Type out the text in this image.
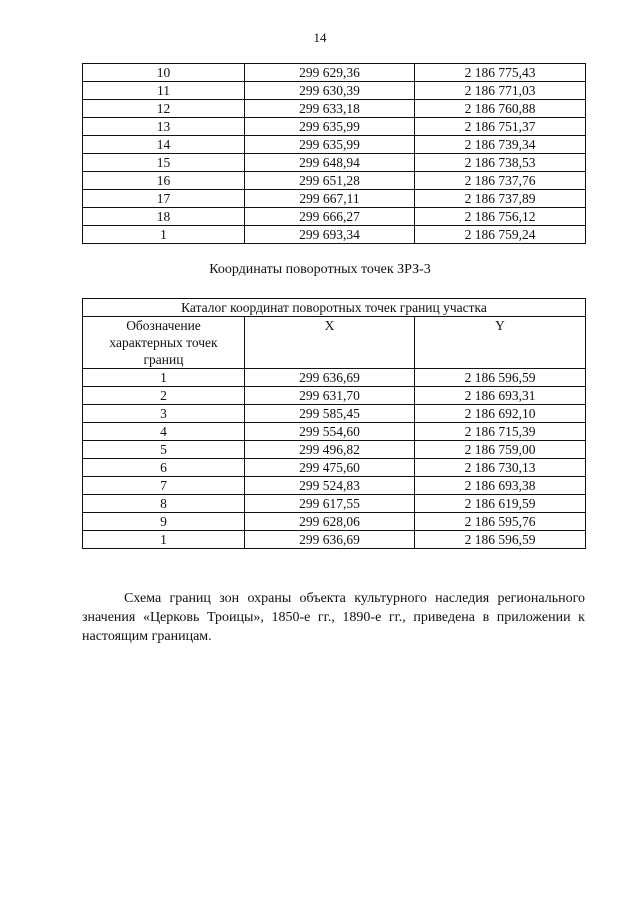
14
10	299 629,36	2 186 775,43
11	299 630,39	2 186 771,03
12	299 633,18	2 186 760,88
13	299 635,99	2 186 751,37
14	299 635,99	2 186 739,34
15	299 648,94	2 186 738,53
16	299 651,28	2 186 737,76
17	299 667,11	2 186 737,89
18	299 666,27	2 186 756,12
1	299 693,34	2 186 759,24
Координаты поворотных точек ЗРЗ-3
Каталог координат поворотных точек границ участка		

Обозначение характерных точек границ	X	Y
1	299 636,69	2 186 596,59
2	299 631,70	2 186 693,31
3	299 585,45	2 186 692,10
4	299 554,60	2 186 715,39
5	299 496,82	2 186 759,00
6	299 475,60	2 186 730,13
7	299 524,83	2 186 693,38
8	299 617,55	2 186 619,59
9	299 628,06	2 186 595,76
1	299 636,69	2 186 596,59

Схема границ зон охраны объекта культурного наследия регионального значения «Церковь Троицы», 1850-е гг., 1890-е гг., приведена в приложении к настоящим границам.
